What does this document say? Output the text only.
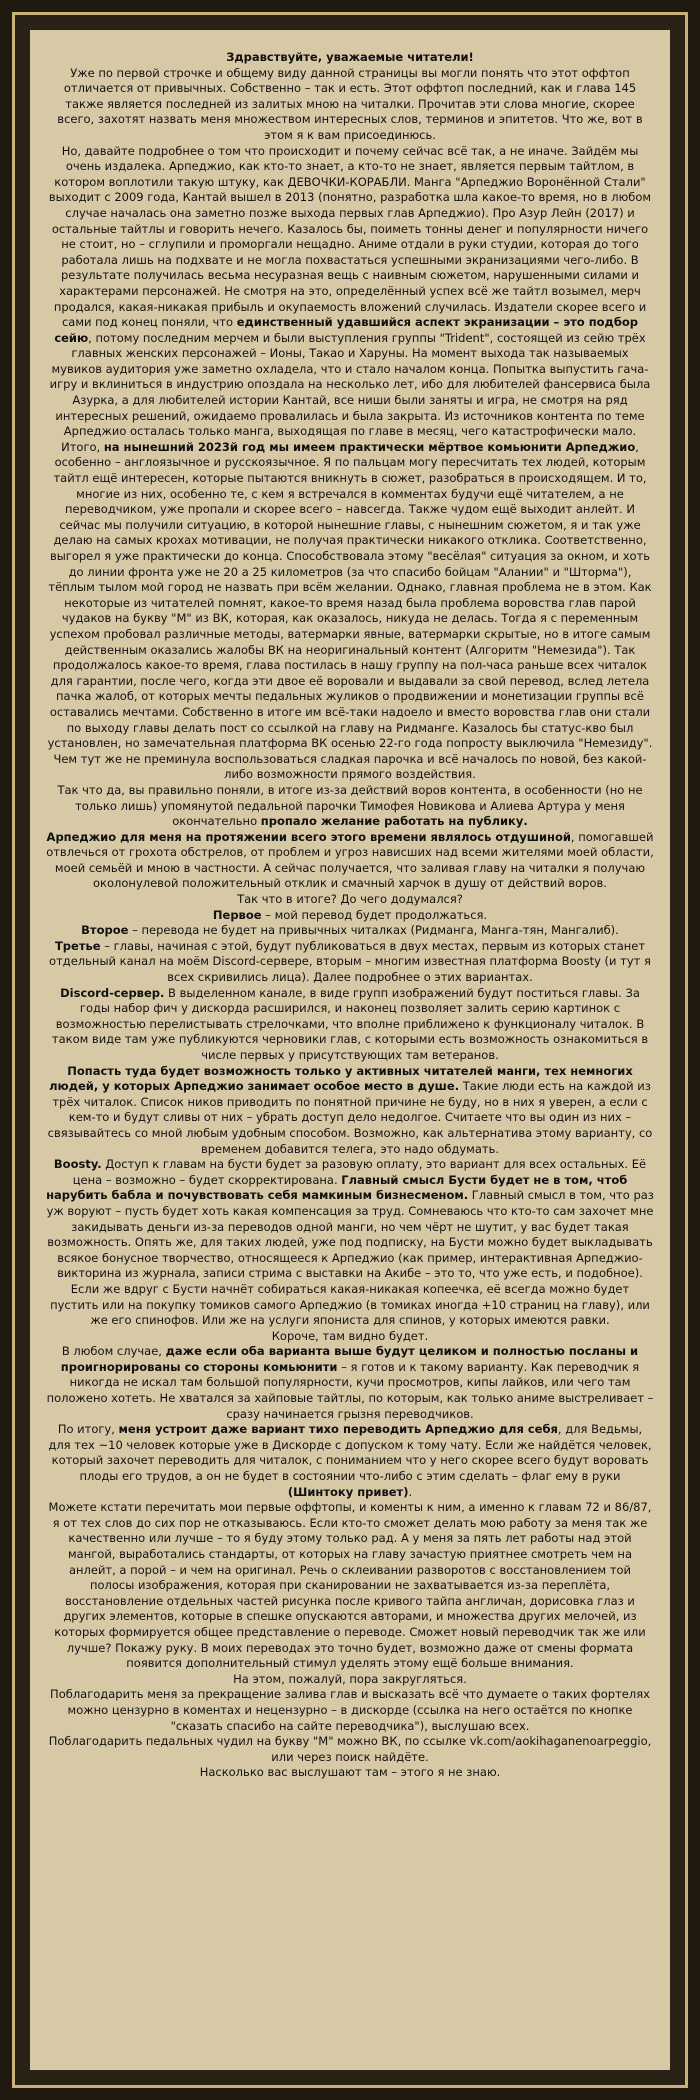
Здравствуйте, уважаемые читатели!

Уже по первой строчке и общему виду данной страницы вы могли понять что этот оффтоп отличается от привычных. Собственно – так и есть. Этот оффтоп последний, как и глава 145 также является последней из залитых мною на читалки. Прочитав эти слова многие, скорее всего, захотят назвать меня множеством интересных слов, терминов и эпитетов. Что же, вот в этом я к вам присоединюсь.

Но, давайте подробнее о том что происходит и почему сейчас всё так, а не иначе. Зайдём мы очень издалека. Арпеджио, как кто-то знает, а кто-то не знает, является первым тайтлом, в котором воплотили такую штуку, как ДЕВОЧКИ-КОРАБЛИ. Манга "Арпеджио Воронённой Стали" выходит с 2009 года, Кантай вышел в 2013 (понятно, разработка шла какое-то время, но в любом случае началась она заметно позже выхода первых глав Арпеджио). Про Азур Лейн (2017) и остальные тайтлы и говорить нечего. Казалось бы, поиметь тонны денег и популярности ничего не стоит, но – сглупили и проморгали нещадно. Аниме отдали в руки студии, которая до того работала лишь на подхвате и не могла похвастаться успешными экранизациями чего-либо. В результате получилась весьма несуразная вещь с наивным сюжетом, нарушенными силами и характерами персонажей. Не смотря на это, определённый успех всё же тайтл возымел, мерч продался, какая-никакая прибыль и окупаемость вложений случилась. Издатели скорее всего и сами под конец поняли, что единственный удавшийся аспект экранизации – это подбор сейю, потому последним мерчем и были выступления группы "Trident", состоящей из сейю трёх главных женских персонажей – Ионы, Такао и Харуны. На момент выхода так называемых мувиков аудитория уже заметно охладела, что и стало началом конца. Попытка выпустить гача-игру и вклиниться в индустрию опоздала на несколько лет, ибо для любителей фансервиса была Азурка, а для любителей истории Кантай, все ниши были заняты и игра, не смотря на ряд интересных решений, ожидаемо провалилась и была закрыта. Из источников контента по теме Арпеджио осталась только манга, выходящая по главе в месяц, чего катастрофически мало.

Итого, на нынешний 2023й год мы имеем практически мёртвое комьюнити Арпеджио, особенно – англоязычное и русскоязычное. Я по пальцам могу пересчитать тех людей, которым тайтл ещё интересен, которые пытаются вникнуть в сюжет, разобраться в происходящем. И то, многие из них, особенно те, с кем я встречался в комментах будучи ещё читателем, а не переводчиком, уже пропали и скорее всего – навсегда. Также чудом ещё выходит анлейт. И сейчас мы получили ситуацию, в которой нынешние главы, с нынешним сюжетом, я и так уже делаю на самых крохах мотивации, не получая практически никакого отклика. Соответственно, выгорел я уже практически до конца. Способствовала этому "весёлая" ситуация за окном, и хоть до линии фронта уже не 20 а 25 километров (за что спасибо бойцам "Алании" и "Шторма"), тёплым тылом мой город не назвать при всём желании. Однако, главная проблема не в этом. Как некоторые из читателей помнят, какое-то время назад была проблема воровства глав парой чудаков на букву "М" из ВК, которая, как оказалось, никуда не делась. Тогда я с переменным успехом пробовал различные методы, ватермарки явные, ватермарки скрытые, но в итоге самым действенным оказались жалобы ВК на неоригинальный контент (Алгоритм "Немезида"). Так продолжалось какое-то время, глава постилась в нашу группу на пол-часа раньше всех читалок для гарантии, после чего, когда эти двое её воровали и выдавали за свой перевод, вслед летела пачка жалоб, от которых мечты педальных жуликов о продвижении и монетизации группы всё оставались мечтами. Собственно в итоге им всё-таки надоело и вместо воровства глав они стали по выходу главы делать пост со ссылкой на главу на Ридманге. Казалось бы статус-кво был установлен, но замечательная платформа ВК осенью 22-го года попросту выключила "Немезиду". Чем тут же не преминула воспользоваться сладкая парочка и всё началось по новой, без какой-либо возможности прямого воздействия.

Так что да, вы правильно поняли, в итоге из-за действий воров контента, в особенности (но не только лишь) упомянутой педальной парочки Тимофея Новикова и Алиева Артура у меня окончательно пропало желание работать на публику.

Арпеджио для меня на протяжении всего этого времени являлось отдушиной, помогавшей отвлечься от грохота обстрелов, от проблем и угроз нависших над всеми жителями моей области, моей семьёй и мною в частности. А сейчас получается, что заливая главу на читалки я получаю околонулевой положительный отклик и смачный харчок в душу от действий воров.

Так что в итоге? До чего додумался?

Первое – мой перевод будет продолжаться.

Второе – перевода не будет на привычных читалках (Ридманга, Манга-тян, Мангалиб).

Третье – главы, начиная с этой, будут публиковаться в двух местах, первым из которых станет отдельный канал на моём Discord-сервере, вторым – многим известная платформа Boosty (и тут я всех скривились лица). Далее подробнее о этих вариантах.

Discord-сервер. В выделенном канале, в виде групп изображений будут поститься главы. За годы набор фич у дискорда расширился, и наконец позволяет залить серию картинок с возможностью перелистывать стрелочками, что вполне приближено к функционалу читалок. В таком виде там уже публикуются черновики глав, с которыми есть возможность ознакомиться в числе первых у присутствующих там ветеранов.

Попасть туда будет возможность только у активных читателей манги, тех немногих людей, у которых Арпеджио занимает особое место в душе. Такие люди есть на каждой из трёх читалок. Список ников приводить по понятной причине не буду, но в них я уверен, а если с кем-то и будут сливы от них – убрать доступ дело недолгое. Считаете что вы один из них – связывайтесь со мной любым удобным способом. Возможно, как альтернатива этому варианту, со временем добавится телега, это надо обдумать.

Boosty. Доступ к главам на бусти будет за разовую оплату, это вариант для всех остальных. Её цена – возможно – будет скорректирована. Главный смысл Бусти будет не в том, чтоб нарубить бабла и почувствовать себя мамкиным бизнесменом. Главный смысл в том, что раз уж воруют – пусть будет хоть какая компенсация за труд. Сомневаюсь что кто-то сам захочет мне закидывать деньги из-за переводов одной манги, но чем чёрт не шутит, у вас будет такая возможность. Опять же, для таких людей, уже под подписку, на Бусти можно будет выкладывать всякое бонусное творчество, относящееся к Арпеджио (как пример, интерактивная Арпеджио-викторина из журнала, записи стрима с выставки на Акибе – это то, что уже есть, и подобное). Если же вдруг с Бусти начнёт собираться какая-никакая копеечка, её всегда можно будет пустить или на покупку томиков самого Арпеджио (в томиках иногда +10 страниц на главу), или же его спинофов. Или же на услуги япониста для спинов, у которых имеются равки.

Короче, там видно будет.

В любом случае, даже если оба варианта выше будут целиком и полностью посланы и проигнорированы со стороны комьюнити – я готов и к такому варианту. Как переводчик я никогда не искал там большой популярности, кучи просмотров, кипы лайков, или чего там положено хотеть. Не хватался за хайповые тайтлы, по которым, как только аниме выстреливает – сразу начинается грызня переводчиков.

По итогу, меня устроит даже вариант тихо переводить Арпеджио для себя, для Ведьмы, для тех ~10 человек которые уже в Дискорде с допуском к тому чату. Если же найдётся человек, который захочет переводить для читалок, с пониманием что у него скорее всего будут воровать плоды его трудов, а он не будет в состоянии что-либо с этим сделать – флаг ему в руки (Шинтоку привет).

Можете кстати перечитать мои первые оффтопы, и коменты к ним, а именно к главам 72 и 86/87, я от тех слов до сих пор не отказываюсь. Если кто-то сможет делать мою работу за меня так же качественно или лучше – то я буду этому только рад. А у меня за пять лет работы над этой мангой, выработались стандарты, от которых на главу зачастую приятнее смотреть чем на анлейт, а порой – и чем на оригинал. Речь о склеивании разворотов с восстановлением той полосы изображения, которая при сканировании не захватывается из-за переплёта, восстановление отдельных частей рисунка после кривого тайпа англичан, дорисовка глаз и других элементов, которые в спешке опускаются авторами, и множества других мелочей, из которых формируется общее представление о переводе. Сможет новый переводчик так же или лучше? Покажу руку. В моих переводах это точно будет, возможно даже от смены формата появится дополнительный стимул уделять этому ещё больше внимания.

На этом, пожалуй, пора закругляться.

Поблагодарить меня за прекращение залива глав и высказать всё что думаете о таких фортелях можно цензурно в коментах и нецензурно – в дискорде (ссылка на него остаётся по кнопке "сказать спасибо на сайте переводчика"), выслушаю всех.

Поблагодарить педальных чудил на букву "М" можно ВК, по ссылке vk.com/aokihaganenoarpeggio, или через поиск найдёте.

Насколько вас выслушают там – этого я не знаю.
